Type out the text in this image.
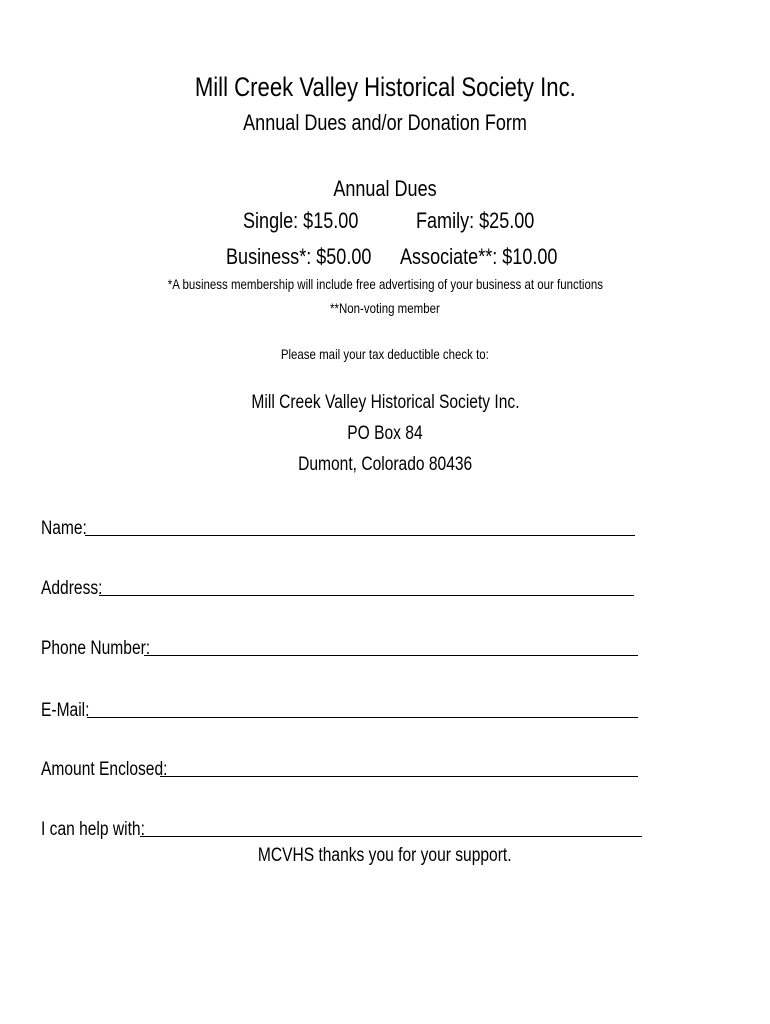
Mill Creek Valley Historical Society Inc.
Annual Dues and/or Donation Form
Annual Dues
Single: $15.00	Family: $25.00
Business*: $50.00	Associate**: $10.00
*A business membership will include free advertising of your business at our functions
**Non-voting member
Please mail your tax deductible check to:
Mill Creek Valley Historical Society Inc.
PO Box 84
Dumont, Colorado 80436
Name:
Address:
Phone Number:
E-Mail:
Amount Enclosed:
I can help with:
MCVHS thanks you for your support.
